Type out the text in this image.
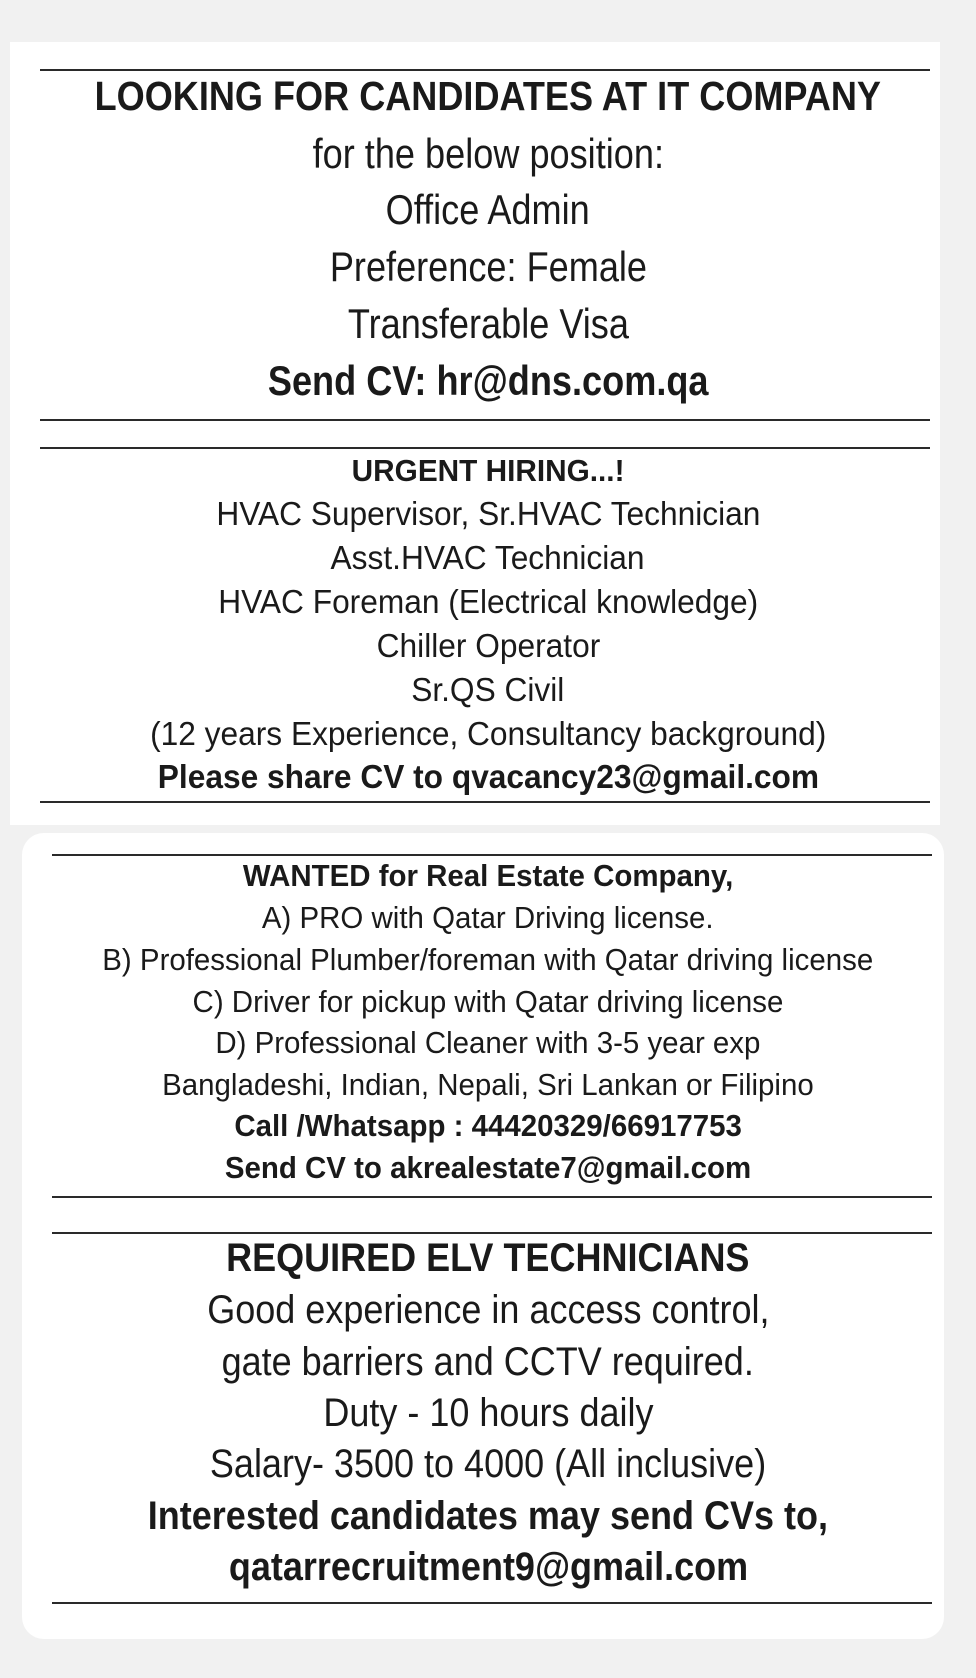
LOOKING FOR CANDIDATES AT IT COMPANY
for the below position:
Office Admin
Preference: Female
Transferable Visa
Send CV: hr@dns.com.qa
URGENT HIRING...!
HVAC Supervisor, Sr.HVAC Technician
Asst.HVAC Technician
HVAC Foreman (Electrical knowledge)
Chiller Operator
Sr.QS Civil
(12 years Experience, Consultancy background)
Please share CV to qvacancy23@gmail.com
WANTED for Real Estate Company,
A) PRO with Qatar Driving license.
B) Professional Plumber/foreman with Qatar driving license
C) Driver for pickup with Qatar driving license
D) Professional Cleaner with 3-5 year exp
Bangladeshi, Indian, Nepali, Sri Lankan or Filipino
Call /Whatsapp : 44420329/66917753
Send CV to akrealestate7@gmail.com
REQUIRED ELV TECHNICIANS
Good experience in access control,
gate barriers and CCTV required.
Duty - 10 hours daily
Salary- 3500 to 4000 (All inclusive)
Interested candidates may send CVs to,
qatarrecruitment9@gmail.com
